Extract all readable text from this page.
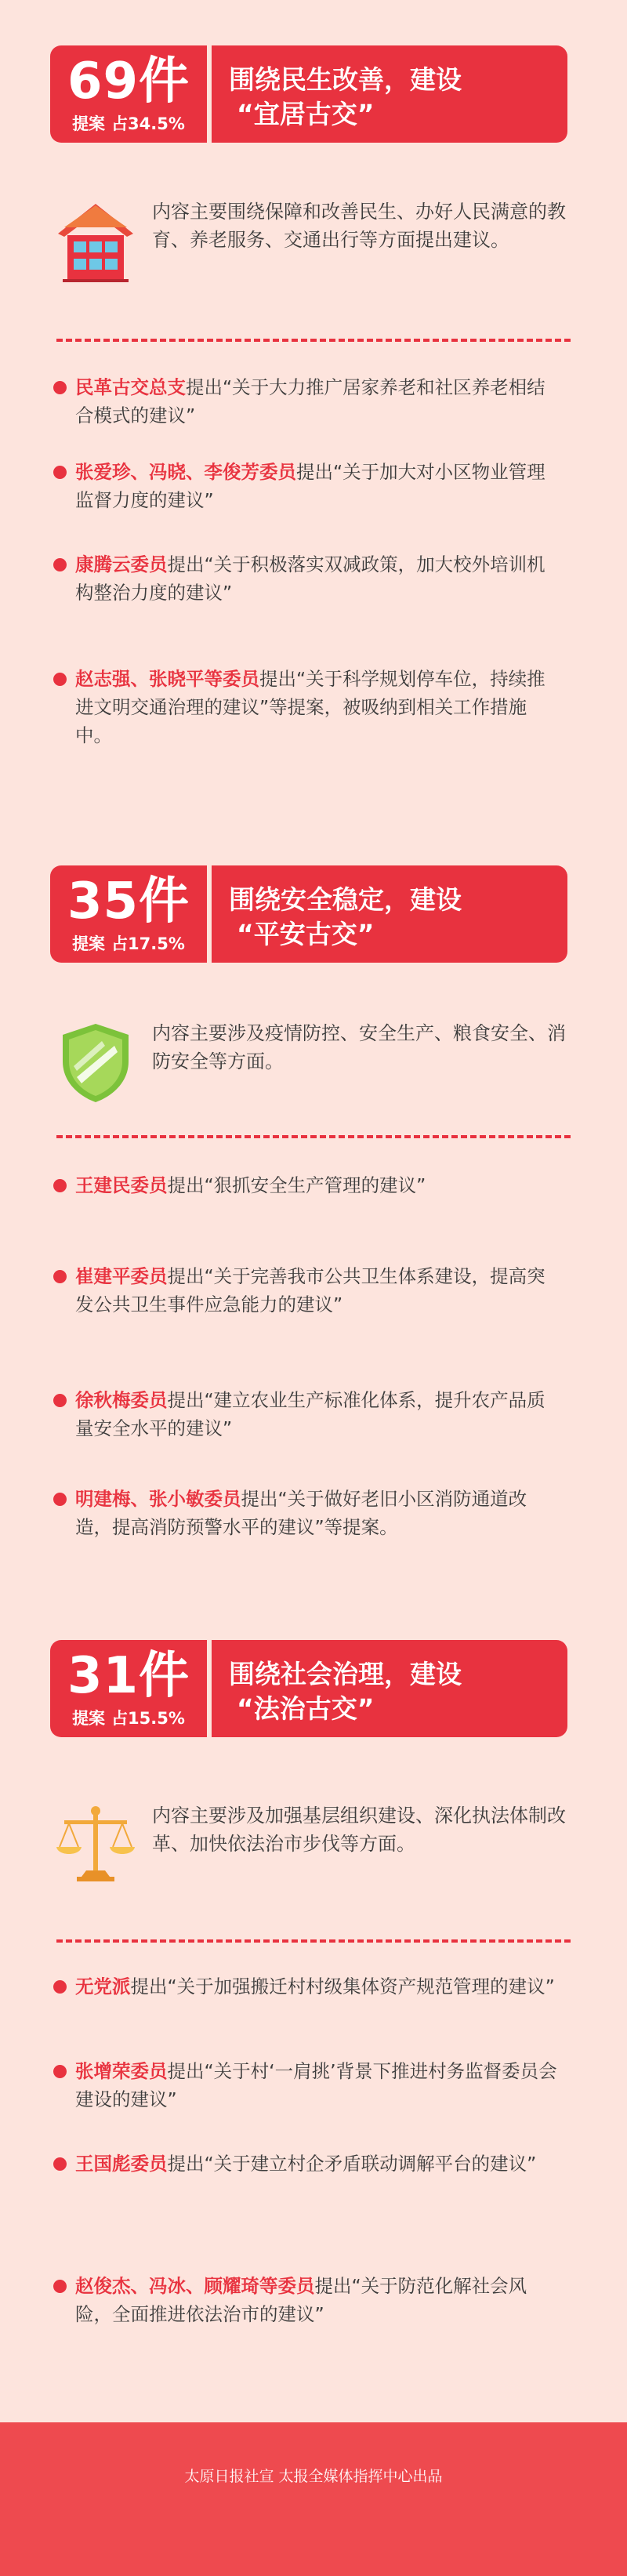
69件
提案 占34.5%
围绕民生改善，建设
“宜居古交”
内容主要围绕保障和改善民生、办好人民满意的教育、养老服务、交通出行等方面提出建议。
民革古交总支提出“关于大力推广居家养老和社区养老相结合模式的建议”
张爱珍、冯晓、李俊芳委员提出“关于加大对小区物业管理监督力度的建议”
康腾云委员提出“关于积极落实双减政策，加大校外培训机构整治力度的建议”
赵志强、张晓平等委员提出“关于科学规划停车位，持续推进文明交通治理的建议”等提案，被吸纳到相关工作措施中。
35件
提案 占17.5%
围绕安全稳定，建设
“平安古交”
内容主要涉及疫情防控、安全生产、粮食安全、消防安全等方面。
王建民委员提出“狠抓安全生产管理的建议”
崔建平委员提出“关于完善我市公共卫生体系建设，提高突发公共卫生事件应急能力的建议”
徐秋梅委员提出“建立农业生产标准化体系，提升农产品质量安全水平的建议”
明建梅、张小敏委员提出“关于做好老旧小区消防通道改造，提高消防预警水平的建议”等提案。
31件
提案 占15.5%
围绕社会治理，建设
“法治古交”
内容主要涉及加强基层组织建设、深化执法体制改革、加快依法治市步伐等方面。
无党派提出“关于加强搬迁村村级集体资产规范管理的建议”
张增荣委员提出“关于村‘一肩挑’背景下推进村务监督委员会建设的建议”
王国彪委员提出“关于建立村企矛盾联动调解平台的建议”
赵俊杰、冯冰、顾耀琦等委员提出“关于防范化解社会风险，全面推进依法治市的建议”
太原日报社宣 太报全媒体指挥中心出品
